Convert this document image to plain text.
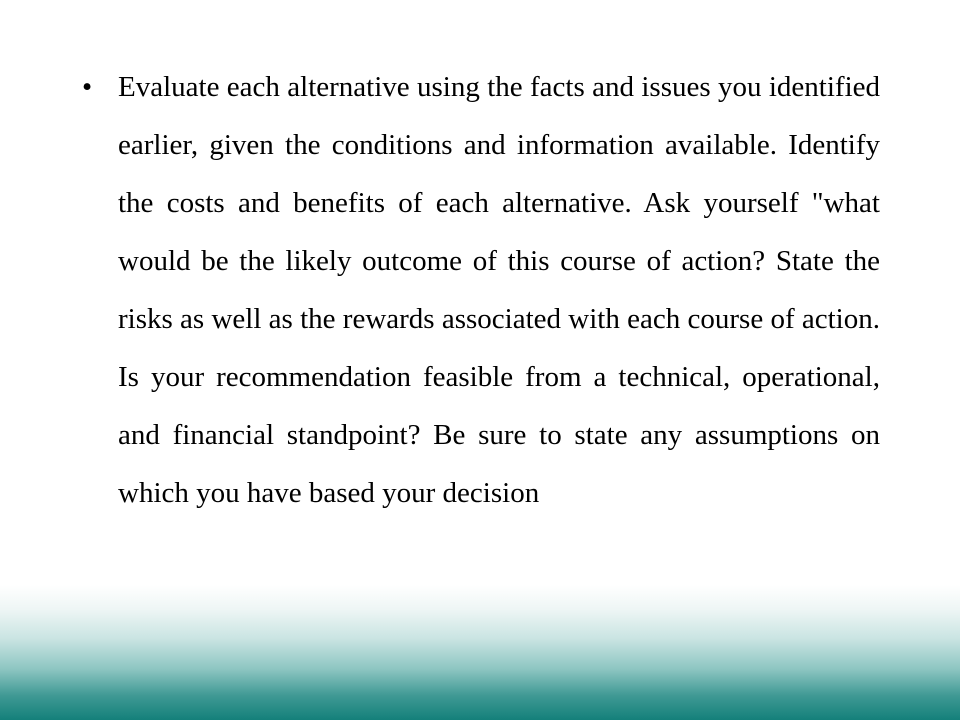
• Evaluate each alternative using the facts and issues you identified earlier, given the conditions and information available. Identify the costs and benefits of each alternative. Ask yourself "what would be the likely outcome of this course of action? State the risks as well as the rewards associated with each course of action. Is your recommendation feasible from a technical, operational, and financial standpoint? Be sure to state any assumptions on which you have based your decision
